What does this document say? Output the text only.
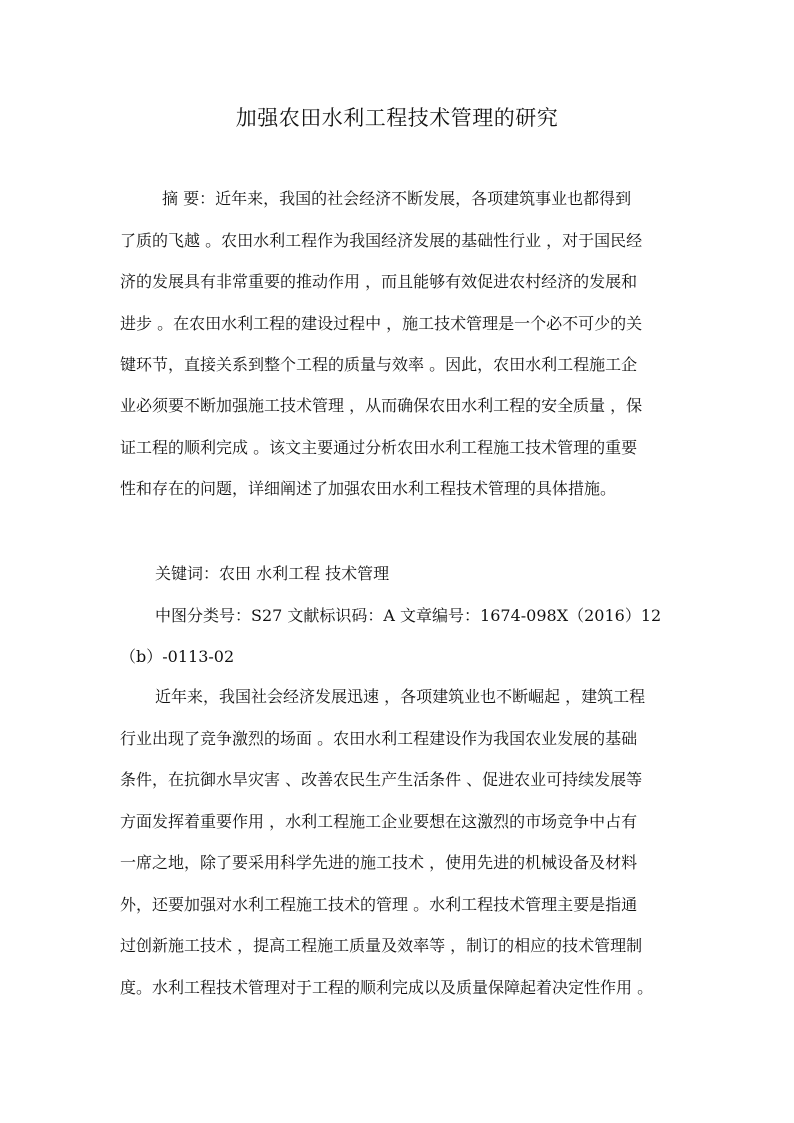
加强农田水利工程技术管理的研究
摘 要：近年来，我国的社会经济不断发展，各项建筑事业也都得到
了质的飞越 。农田水利工程作为我国经济发展的基础性行业 ，对于国民经
济的发展具有非常重要的推动作用 ，而且能够有效促进农村经济的发展和
进步 。在农田水利工程的建设过程中 ，施工技术管理是一个必不可少的关
键环节，直接关系到整个工程的质量与效率 。因此，农田水利工程施工企
业必须要不断加强施工技术管理 ，从而确保农田水利工程的安全质量 ，保
证工程的顺利完成 。该文主要通过分析农田水利工程施工技术管理的重要
性和存在的问题，详细阐述了加强农田水利工程技术管理的具体措施。
关键词：农田 水利工程 技术管理
中图分类号：S27 文献标识码：A 文章编号：1674-098X（2016）12
（b）-0113-02
近年来，我国社会经济发展迅速 ，各项建筑业也不断崛起 ，建筑工程
行业出现了竞争激烈的场面 。农田水利工程建设作为我国农业发展的基础
条件，在抗御水旱灾害 、改善农民生产生活条件 、促进农业可持续发展等
方面发挥着重要作用 ，水利工程施工企业要想在这激烈的市场竞争中占有
一席之地，除了要采用科学先进的施工技术 ，使用先进的机械设备及材料
外，还要加强对水利工程施工技术的管理 。水利工程技术管理主要是指通
过创新施工技术 ，提高工程施工质量及效率等 ，制订的相应的技术管理制
度。水利工程技术管理对于工程的顺利完成以及质量保障起着决定性作用 。
